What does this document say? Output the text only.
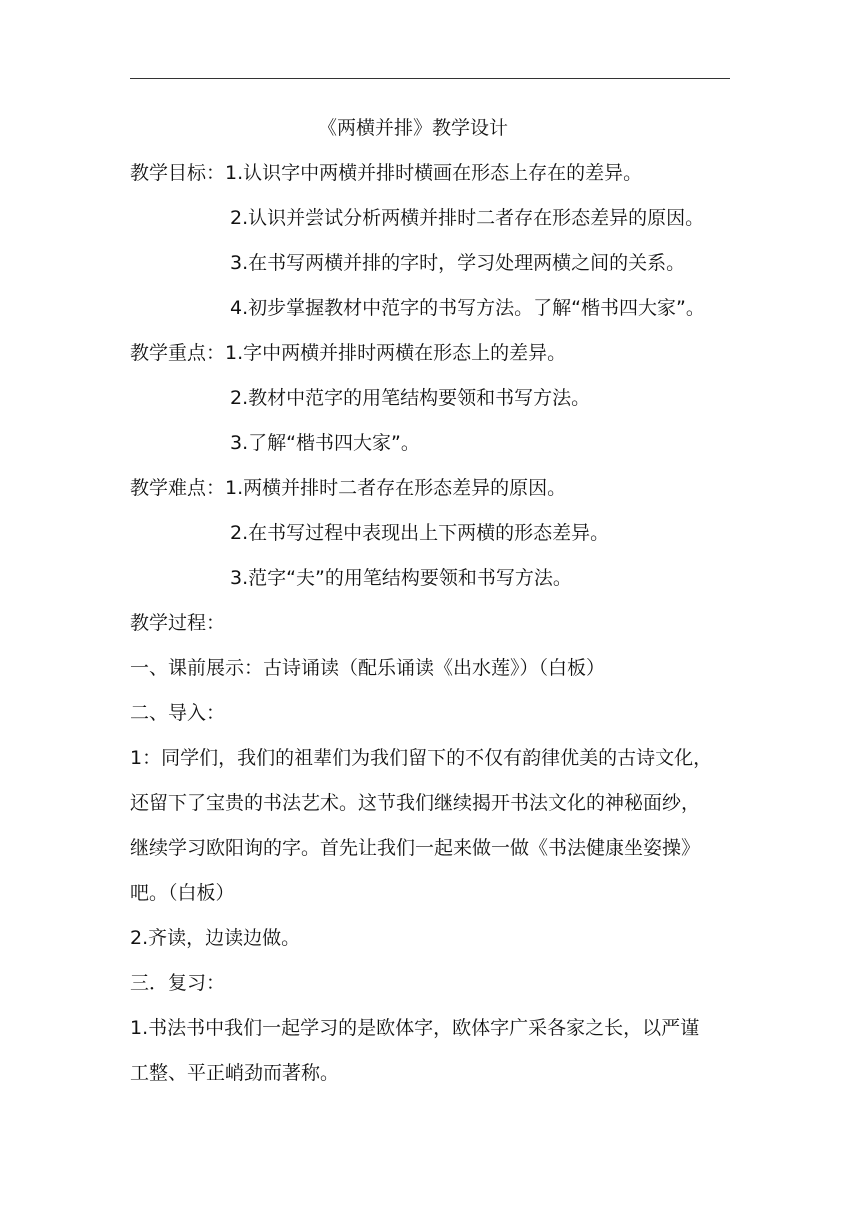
《两横并排》教学设计
教学目标：1.认识字中两横并排时横画在形态上存在的差异。
2.认识并尝试分析两横并排时二者存在形态差异的原因。
3.在书写两横并排的字时，学习处理两横之间的关系。
4.初步掌握教材中范字的书写方法。了解“楷书四大家”。
教学重点：1.字中两横并排时两横在形态上的差异。
2.教材中范字的用笔结构要领和书写方法。
3.了解“楷书四大家”。
教学难点：1.两横并排时二者存在形态差异的原因。
2.在书写过程中表现出上下两横的形态差异。
3.范字“夫”的用笔结构要领和书写方法。
教学过程：
一、课前展示：古诗诵读（配乐诵读《出水莲》）（白板）
二、导入：
1：同学们，我们的祖辈们为我们留下的不仅有韵律优美的古诗文化，
还留下了宝贵的书法艺术。这节我们继续揭开书法文化的神秘面纱，
继续学习欧阳询的字。首先让我们一起来做一做《书法健康坐姿操》
吧。（白板）
2.齐读，边读边做。
三．复习：
1.书法书中我们一起学习的是欧体字，欧体字广采各家之长，以严谨
工整、平正峭劲而著称。
